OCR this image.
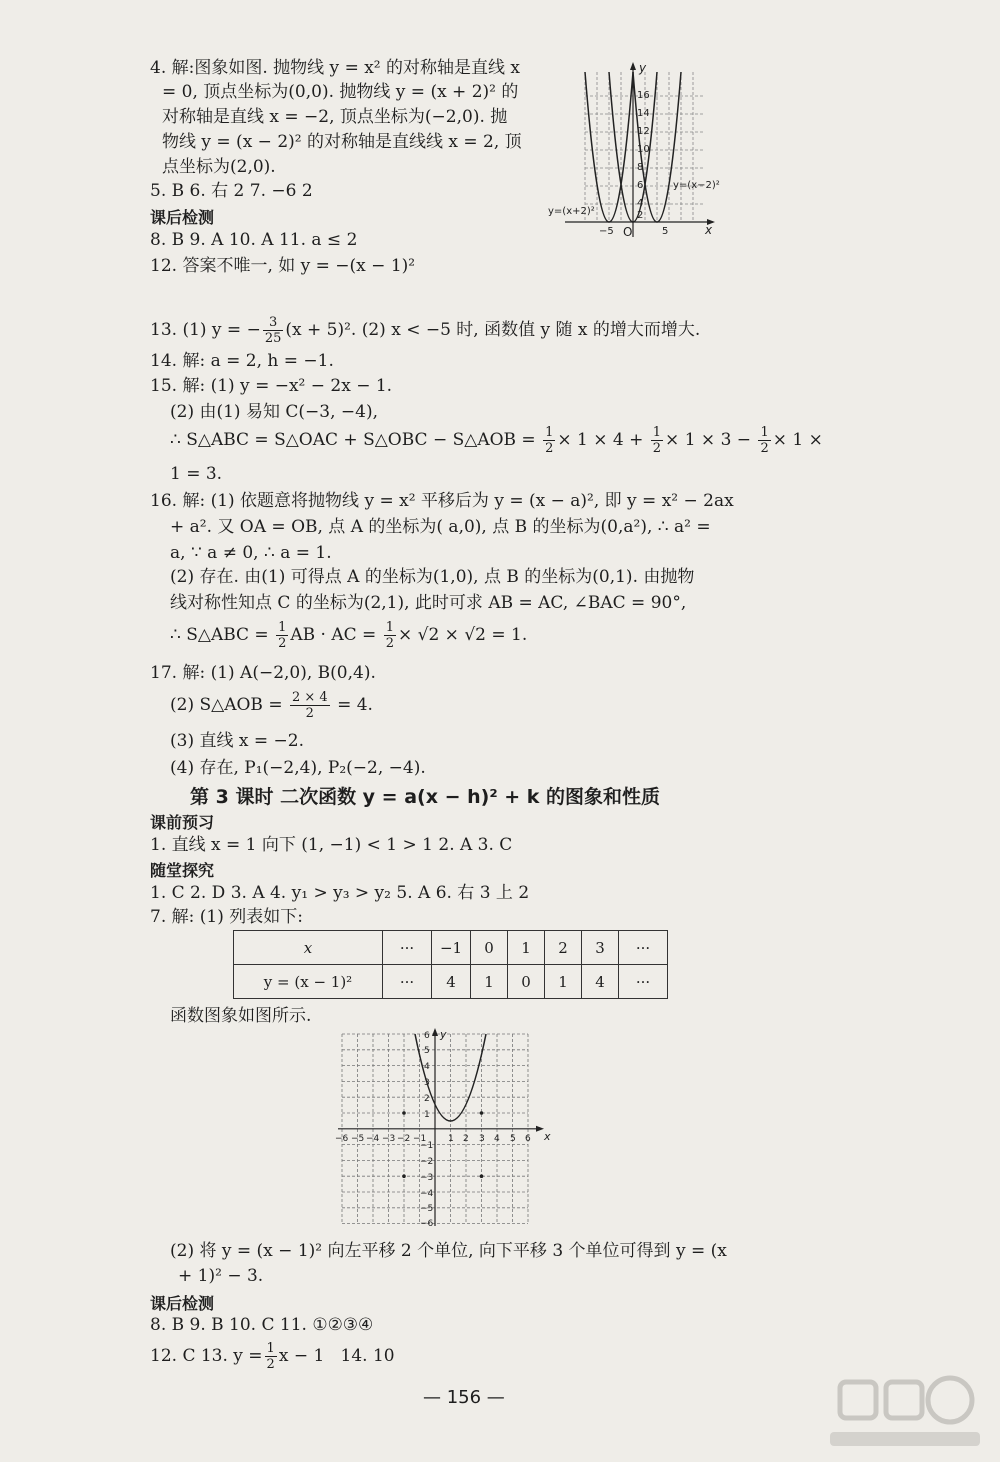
4. 解:图象如图. 抛物线 y = x² 的对称轴是直线 x
= 0, 顶点坐标为(0,0). 抛物线 y = (x + 2)² 的
对称轴是直线 x = −2, 顶点坐标为(−2,0). 抛
物线 y = (x − 2)² 的对称轴是直线线 x = 2, 顶
点坐标为(2,0).
5. B 6. 右 2 7. −6 2
课后检测
8. B 9. A 10. A 11. a ≤ 2
12. 答案不唯一, 如 y = −(x − 1)²
16
14
12
10
8
6
4
2
−5	5
O
y
x
y=(x+2)²
y=(x−2)²
13. (1) y = − $\frac{3}{25} (x + 5)^2$. (2) x < −5 时, 函数值 y 随 x 的增大而增大.
14. 解: a = 2, h = −1.
15. 解: (1) y = −x² − 2x − 1.
(2) 由(1) 易知 C(−3, −4),
∴ S△ABC = S△OAC + S△OBC − S△AOB = $\frac{1}{2} \times 1 \times 4 + \frac{1}{2} \times 1 \times 3 - \frac{1}{2} \times 1$ ×
1 = 3.
16. 解: (1) 依题意将抛物线 y = x² 平移后为 y = (x − a)², 即 y = x² − 2ax
+ a². 又 OA = OB, 点 A 的坐标为( a,0), 点 B 的坐标为(0,a²), ∴ a² =
a, ∵ a ≠ 0, ∴ a = 1.
(2) 存在. 由(1) 可得点 A 的坐标为(1,0), 点 B 的坐标为(0,1). 由抛物
线对称性知点 C 的坐标为(2,1), 此时可求 AB = AC, ∠BAC = 90°,
∴ S△ABC = $\frac{1}{2}$ AB · AC = $\frac{1}{2} \times √2 \times √2 = 1$.
17. 解: (1) A(−2,0), B(0,4).
(2) S△AOB = $\frac{2 \times 4}{2} = 4$.
(3) 直线 x = −2.
(4) 存在, P₁(−2,4), P₂(−2, −4).
第 3 课时 二次函数 y = a(x − h)² + k 的图象和性质
课前预习
1. 直线 x = 1 向下 (1, −1) < 1 > 1 2. A 3. C
随堂探究
1. C 2. D 3. A 4. y₁ > y₃ > y₂ 5. A 6. 右 3 上 2
7. 解: (1) 列表如下:
x	···	−1	0	1	2	3	···
y = (x − 1)²	···	4	1	0	1	4	···
函数图象如图所示.
6
5
4
3
2
1
−1
−2
−3
−4
−5
−6
−6 −5 −4 −3 −2 −1 1 2 3 4 5 6
y
x
(2) 将 y = (x − 1)² 向左平移 2 个单位, 向下平移 3 个单位可得到 y = (x
+ 1)² − 3.
课后检测
8. B 9. B 10. C 11. ①②③④
12. C 13. $y = \frac{1}{2}$ x − 1 14. 10
— 156 —
